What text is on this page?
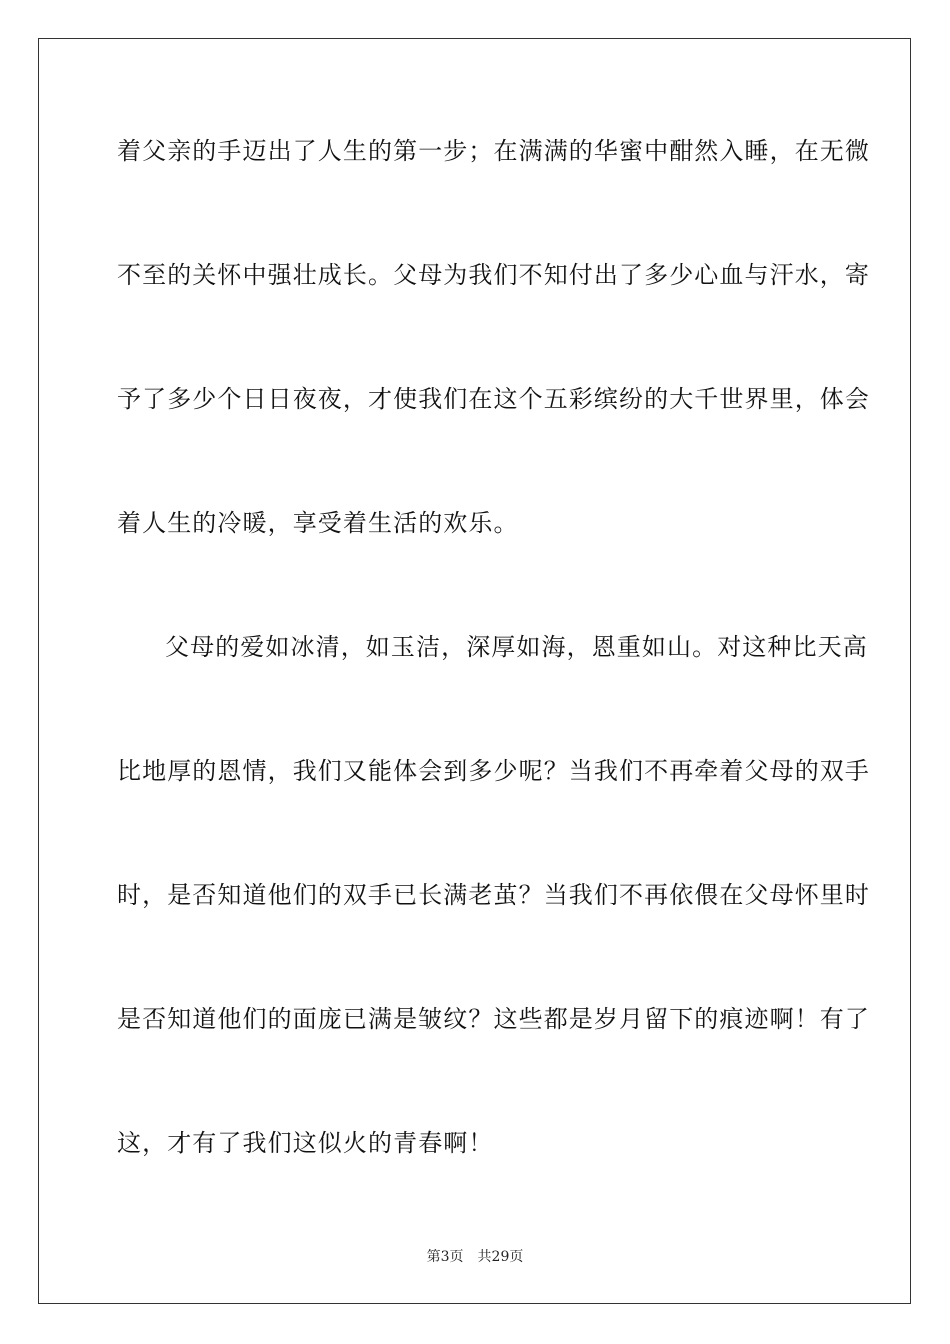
着父亲的手迈出了人生的第一步；在满满的华蜜中酣然入睡，在无微
不至的关怀中强壮成长。父母为我们不知付出了多少心血与汗水，寄
予了多少个日日夜夜，才使我们在这个五彩缤纷的大千世界里，体会
着人生的冷暖，享受着生活的欢乐。
父母的爱如冰清，如玉洁，深厚如海，恩重如山。对这种比天高
比地厚的恩情，我们又能体会到多少呢？当我们不再牵着父母的双手
时，是否知道他们的双手已长满老茧？当我们不再依偎在父母怀里时
是否知道他们的面庞已满是皱纹？这些都是岁月留下的痕迹啊！有了
这，才有了我们这似火的青春啊！
第3页 共29页
